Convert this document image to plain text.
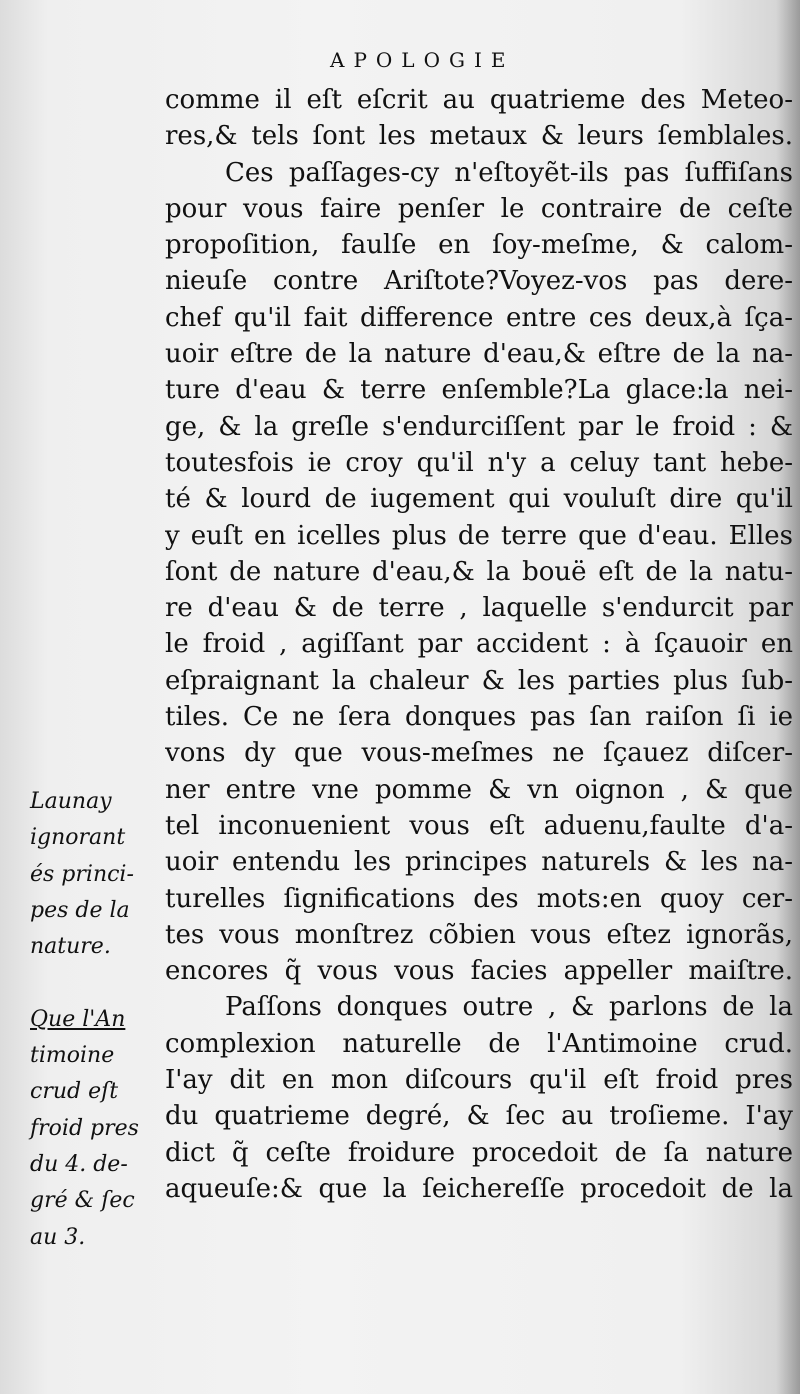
APOLOGIE
comme il eſt eſcrit au quatrieme des Meteo-
res,& tels ſont les metaux & leurs ſemblales.
Ces paſſages-cy n'eſtoyẽt-ils pas ſuffiſans
pour vous faire penſer le contraire de ceſte
propoſition, faulſe en ſoy-meſme, & calom-
nieuſe contre Ariſtote?Voyez-vos pas dere-
chef qu'il fait difference entre ces deux,à ſça-
uoir eſtre de la nature d'eau,& eſtre de la na-
ture d'eau & terre enſemble?La glace:la nei-
ge, & la greſle s'endurciſſent par le froid : &
toutesfois ie croy qu'il n'y a celuy tant hebe-
té & lourd de iugement qui vouluſt dire qu'il
y euſt en icelles plus de terre que d'eau. Elles
ſont de nature d'eau,& la bouë eſt de la natu-
re d'eau & de terre , laquelle s'endurcit par
le froid , agiſſant par accident : à ſçauoir en
eſpraignant la chaleur & les parties plus ſub-
tiles. Ce ne ſera donques pas ſan raiſon ſi ie
vons dy que vous-meſmes ne ſçauez diſcer-
ner entre vne pomme & vn oignon , & que
tel inconuenient vous eſt aduenu,faulte d'a-
uoir entendu les principes naturels & les na-
turelles ſignifications des mots:en quoy cer-
tes vous monſtrez cõbien vous eſtez ignorãs,
encores q̃ vous vous facies appeller maiſtre.
Paſſons donques outre , & parlons de la
complexion naturelle de l'Antimoine crud.
I'ay dit en mon diſcours qu'il eſt froid pres
du quatrieme degré, & ſec au troſieme. I'ay
dict q̃ ceſte froidure procedoit de ſa nature
aqueuſe:& que la ſeichereſſe procedoit de la
Launay
ignorant
és princi-
pes de la
nature.
Que l'An
timoine
crud eſt
froid pres
du 4. de-
gré & ſec
au 3.
